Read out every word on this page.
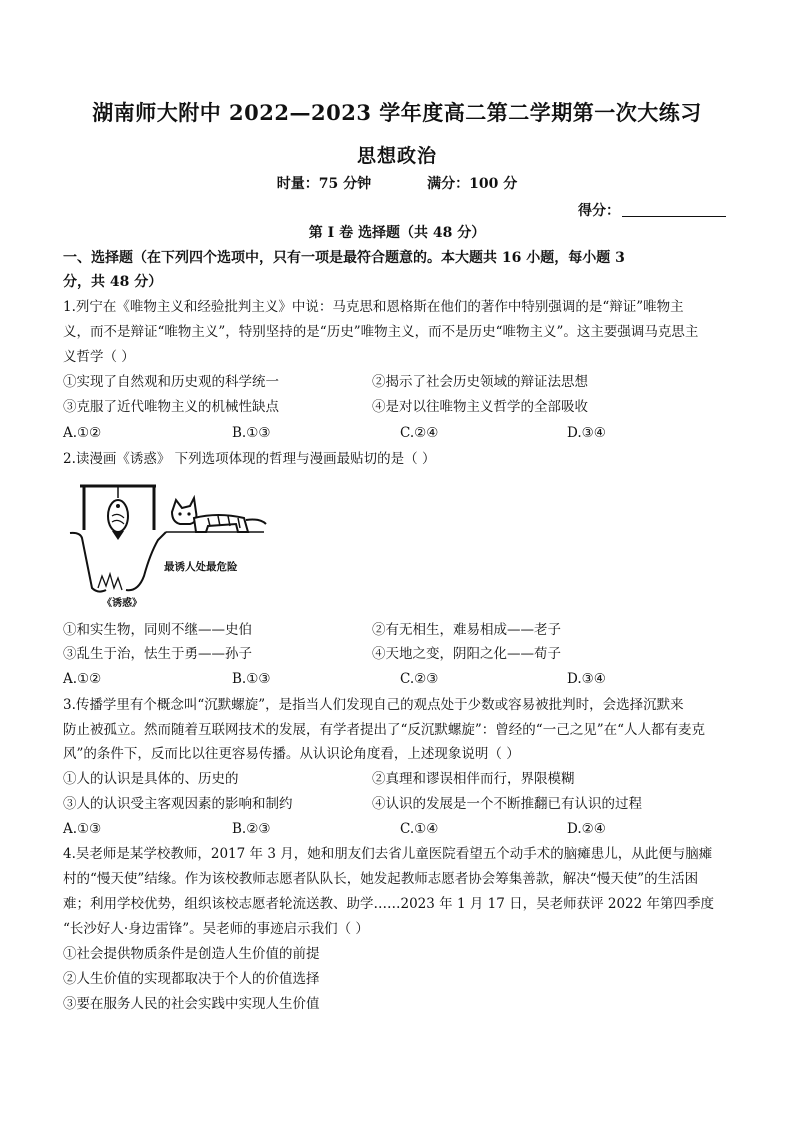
湖南师大附中 2022—2023 学年度高二第二学期第一次大练习
思想政治
时量：75 分钟	满分：100 分
得分：
第 I 卷 选择题（共 48 分）
一、选择题（在下列四个选项中，只有一项是最符合题意的。本大题共 16 小题，每小题 3
分，共 48 分）
1.列宁在《唯物主义和经验批判主义》中说：马克思和恩格斯在他们的著作中特别强调的是“辩证”唯物主
义，而不是辩证“唯物主义”，特别坚持的是“历史”唯物主义，而不是历史“唯物主义”。这主要强调马克思主
义哲学（ ）
①实现了自然观和历史观的科学统一	②揭示了社会历史领域的辩证法思想
③克服了近代唯物主义的机械性缺点	④是对以往唯物主义哲学的全部吸收
A.①②	B.①③	C.②④	D.③④
2.读漫画《诱惑》 下列选项体现的哲理与漫画最贴切的是（ ）
最诱人处最危险
《诱惑》
①和实生物，同则不继——史伯	②有无相生，难易相成——老子
③乱生于治，怯生于勇——孙子	④天地之变，阴阳之化——荀子
A.①②	B.①③	C.②③	D.③④
3.传播学里有个概念叫“沉默螺旋”，是指当人们发现自己的观点处于少数或容易被批判时，会选择沉默来
防止被孤立。然而随着互联网技术的发展，有学者提出了“反沉默螺旋”：曾经的“一己之见”在“人人都有麦克
风”的条件下，反而比以往更容易传播。从认识论角度看，上述现象说明（ ）
①人的认识是具体的、历史的	②真理和谬误相伴而行，界限模糊
③人的认识受主客观因素的影响和制约	④认识的发展是一个不断推翻已有认识的过程
A.①③	B.②③	C.①④	D.②④
4.吴老师是某学校教师，2017 年 3 月，她和朋友们去省儿童医院看望五个动手术的脑瘫患儿，从此便与脑瘫
村的“慢天使”结缘。作为该校教师志愿者队队长，她发起教师志愿者协会筹集善款，解决“慢天使”的生活困
难；利用学校优势，组织该校志愿者轮流送教、助学……2023 年 1 月 17 日，吴老师获评 2022 年第四季度
“长沙好人·身边雷锋”。吴老师的事迹启示我们（ ）
①社会提供物质条件是创造人生价值的前提
②人生价值的实现都取决于个人的价值选择
③要在服务人民的社会实践中实现人生价值
